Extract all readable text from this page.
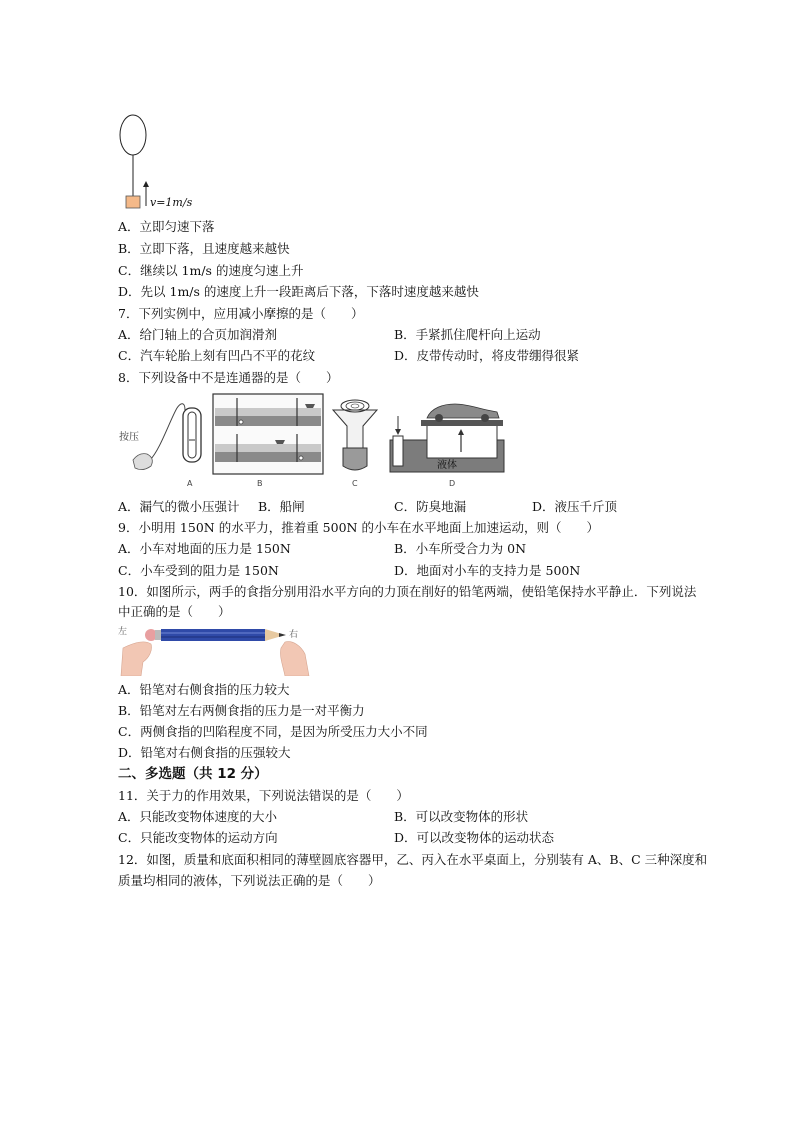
v=1m/s
A．立即匀速下落
B．立即下落，且速度越来越快
C．继续以 1m/s 的速度匀速上升
D．先以 1m/s 的速度上升一段距离后下落，下落时速度越来越快
7．下列实例中，应用减小摩擦的是（　　）
A．给门轴上的合页加润滑剂	B．手紧抓住爬杆向上运动
C．汽车轮胎上刻有凹凸不平的花纹	D．皮带传动时，将皮带绷得很紧
8．下列设备中不是连通器的是（　　）
按压
A	B	C
液体
D
A．漏气的微小压强计 B．船闸	C．防臭地漏	D．液压千斤顶
9．小明用 150N 的水平力，推着重 500N 的小车在水平地面上加速运动，则（　　）
A．小车对地面的压力是 150N	B．小车所受合力为 0N
C．小车受到的阻力是 150N	D．地面对小车的支持力是 500N
10．如图所示，两手的食指分别用沿水平方向的力顶在削好的铅笔两端，使铅笔保持水平静止．下列说法
中正确的是（　　）
左	右
A．铅笔对右侧食指的压力较大
B．铅笔对左右两侧食指的压力是一对平衡力
C．两侧食指的凹陷程度不同，是因为所受压力大小不同
D．铅笔对右侧食指的压强较大
二、多选题（共 12 分）
11．关于力的作用效果，下列说法错误的是（　　）
A．只能改变物体速度的大小	B．可以改变物体的形状
C．只能改变物体的运动方向	D．可以改变物体的运动状态
12．如图，质量和底面积相同的薄壁圆底容器甲，乙、丙入在水平桌面上，分别装有 A、B、C 三种深度和
质量均相同的液体，下列说法正确的是（　　）
